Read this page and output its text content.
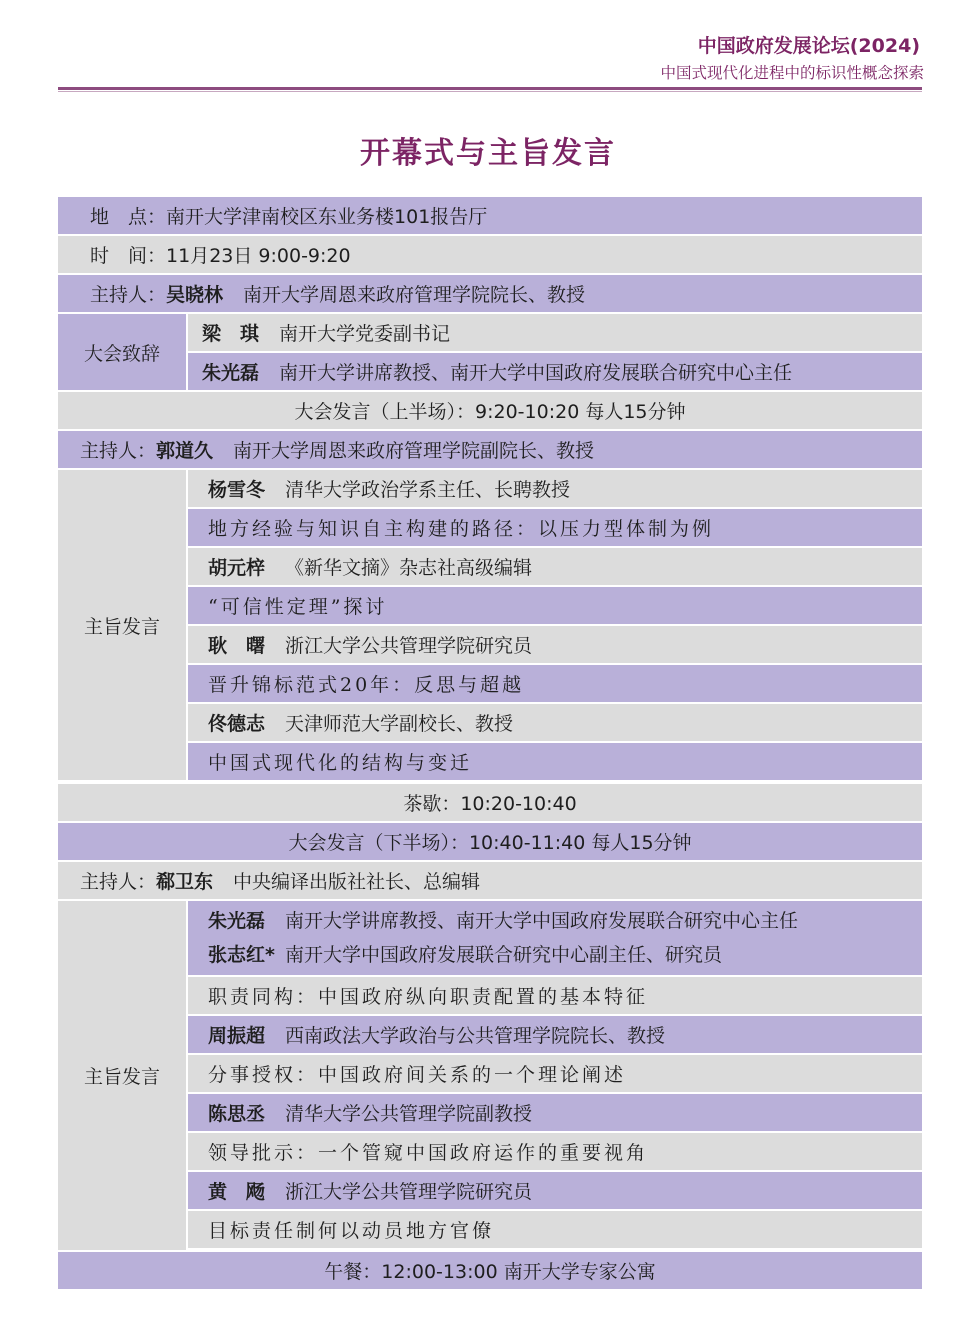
中国政府发展论坛(2024)
中国式现代化进程中的标识性概念探索
开幕式与主旨发言
地　点： 南开大学津南校区东业务楼101报告厅
时　间： 11月23日 9:00-9:20
主持人： 吴晓林 南开大学周恩来政府管理学院院长、教授
大会致辞
梁　琪 南开大学党委副书记
朱光磊 南开大学讲席教授、南开大学中国政府发展联合研究中心主任
大会发言（上半场）：9:20-10:20 每人15分钟
主持人： 郭道久 南开大学周恩来政府管理学院副院长、教授
主旨发言
杨雪冬 清华大学政治学系主任、长聘教授
地方经验与知识自主构建的路径：以压力型体制为例
胡元梓 《新华文摘》杂志社高级编辑
“可信性定理”探讨
耿　曙 浙江大学公共管理学院研究员
晋升锦标范式20年：反思与超越
佟德志 天津师范大学副校长、教授
中国式现代化的结构与变迁
茶歇：10:20-10:40
大会发言（下半场）：10:40-11:40 每人15分钟
主持人： 郗卫东 中央编译出版社社长、总编辑
主旨发言
朱光磊 南开大学讲席教授、南开大学中国政府发展联合研究中心主任
张志红* 南开大学中国政府发展联合研究中心副主任、研究员
职责同构：中国政府纵向职责配置的基本特征
周振超 西南政法大学政治与公共管理学院院长、教授
分事授权：中国政府间关系的一个理论阐述
陈思丞 清华大学公共管理学院副教授
领导批示：一个管窥中国政府运作的重要视角
黄　飏 浙江大学公共管理学院研究员
目标责任制何以动员地方官僚
午餐：12:00-13:00 南开大学专家公寓
